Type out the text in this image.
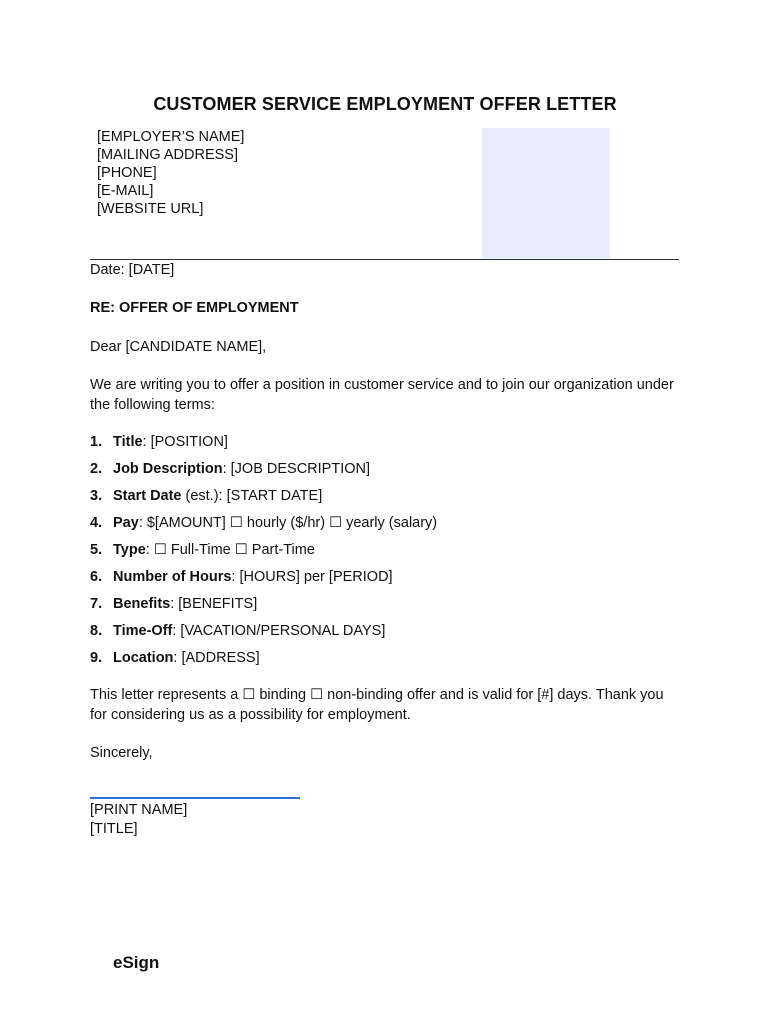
CUSTOMER SERVICE EMPLOYMENT OFFER LETTER
[EMPLOYER’S NAME]
[MAILING ADDRESS]
[PHONE]
[E-MAIL]
[WEBSITE URL]
Date: [DATE]
RE: OFFER OF EMPLOYMENT
Dear [CANDIDATE NAME],
We are writing you to offer a position in customer service and to join our organization under the following terms:
1. Title: [POSITION]
2. Job Description: [JOB DESCRIPTION]
3. Start Date (est.): [START DATE]
4. Pay: $[AMOUNT] ☐ hourly ($/hr) ☐ yearly (salary)
5. Type: ☐ Full-Time ☐ Part-Time
6. Number of Hours: [HOURS] per [PERIOD]
7. Benefits: [BENEFITS]
8. Time-Off: [VACATION/PERSONAL DAYS]
9. Location: [ADDRESS]
This letter represents a ☐ binding ☐ non-binding offer and is valid for [#] days. Thank you for considering us as a possibility for employment.
Sincerely,
[PRINT NAME]
[TITLE]
eSign
